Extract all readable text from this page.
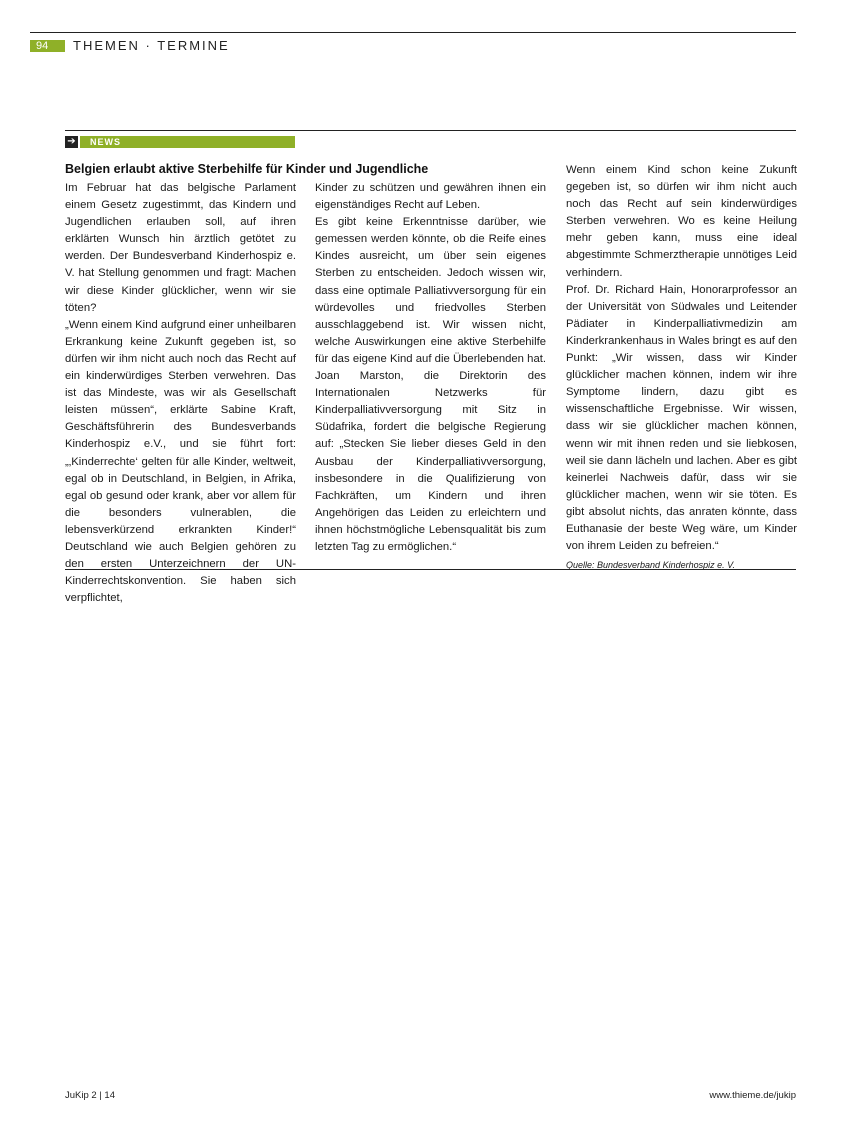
94	THEMEN · TERMINE
➔	NEWS
Belgien erlaubt aktive Sterbehilfe für Kinder und Jugendliche

Im Februar hat das belgische Parlament einem Gesetz zugestimmt, das Kindern und Jugendlichen erlauben soll, auf ihren erklärten Wunsch hin ärztlich getötet zu werden. Der Bundesverband Kinderhospiz e. V. hat Stellung genommen und fragt: Machen wir diese Kinder glücklicher, wenn wir sie töten?

„Wenn einem Kind aufgrund einer unheilbaren Erkrankung keine Zukunft gegeben ist, so dürfen wir ihm nicht auch noch das Recht auf ein kinderwürdiges Sterben verwehren. Das ist das Mindeste, was wir als Gesellschaft leisten müssen“, erklärte Sabine Kraft, Geschäftsführerin des Bundesverbands Kinderhospiz e.V., und sie führt fort: „‚Kinderrechte‘ gelten für alle Kinder, weltweit, egal ob in Deutschland, in Belgien, in Afrika, egal ob gesund oder krank, aber vor allem für die besonders vulnerablen, die lebensverkürzend erkrankten Kinder!“ Deutschland wie auch Belgien gehören zu den ersten Unterzeichnern der UN-Kinderrechtskonvention. Sie haben sich verpflichtet,

Kinder zu schützen und gewähren ihnen ein eigenständiges Recht auf Leben.

Es gibt keine Erkenntnisse darüber, wie gemessen werden könnte, ob die Reife eines Kindes ausreicht, um über sein eigenes Sterben zu entscheiden. Jedoch wissen wir, dass eine optimale Palliativversorgung für ein würdevolles und friedvolles Sterben ausschlaggebend ist. Wir wissen nicht, welche Auswirkungen eine aktive Sterbehilfe für das eigene Kind auf die Überlebenden hat. Joan Marston, die Direktorin des Internationalen Netzwerks für Kinderpalliativversorgung mit Sitz in Südafrika, fordert die belgische Regierung auf: „Stecken Sie lieber dieses Geld in den Ausbau der Kinderpalliativversorgung, insbesondere in die Qualifizierung von Fachkräften, um Kindern und ihren Angehörigen das Leiden zu erleichtern und ihnen höchstmögliche Lebensqualität bis zum letzten Tag zu ermöglichen.“

Wenn einem Kind schon keine Zukunft gegeben ist, so dürfen wir ihm nicht auch noch das Recht auf sein kinderwürdiges Sterben verwehren. Wo es keine Heilung mehr geben kann, muss eine ideal abgestimmte Schmerztherapie unnötiges Leid verhindern.

Prof. Dr. Richard Hain, Honorarprofessor an der Universität von Südwales und Leitender Pädiater in Kinderpalliativmedizin am Kinderkrankenhaus in Wales bringt es auf den Punkt: „Wir wissen, dass wir Kinder glücklicher machen können, indem wir ihre Symptome lindern, dazu gibt es wissenschaftliche Ergebnisse. Wir wissen, dass wir sie glücklicher machen können, wenn wir mit ihnen reden und sie liebkosen, weil sie dann lächeln und lachen. Aber es gibt keinerlei Nachweis dafür, dass wir sie glücklicher machen, wenn wir sie töten. Es gibt absolut nichts, das anraten könnte, dass Euthanasie der beste Weg wäre, um Kinder von ihrem Leiden zu befreien.“

Quelle: Bundesverband Kinderhospiz e. V.

JuKip 2 | 14	www.thieme.de/jukip
